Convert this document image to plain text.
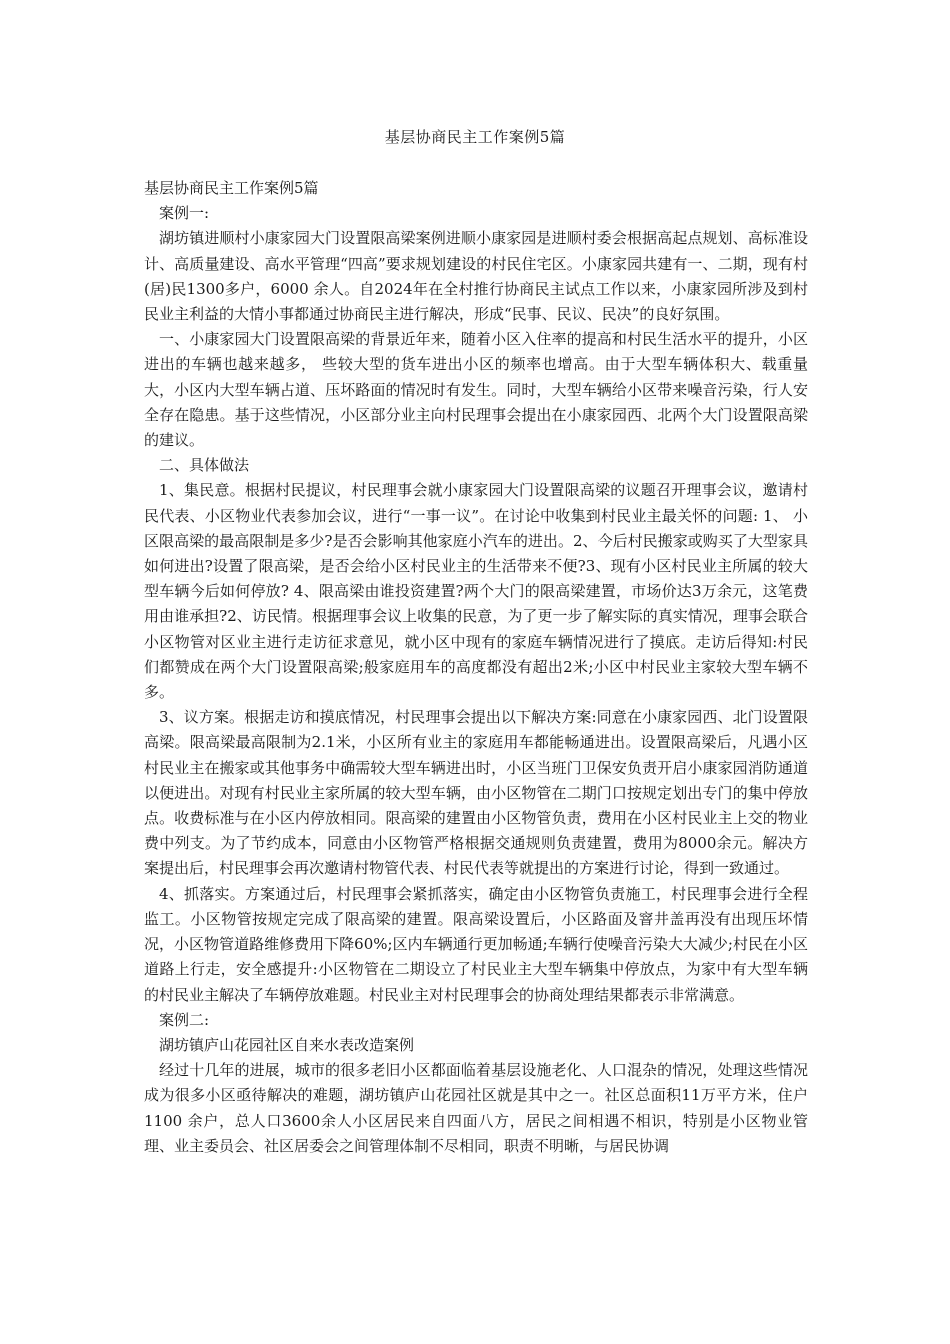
基层协商民主工作案例5篇

基层协商民主工作案例5篇

案例一:

湖坊镇进顺村小康家园大门设置限高梁案例进顺小康家园是进顺村委会根据高起点规划、高标准设计、高质量建设、高水平管理“四高”要求规划建设的村民住宅区。小康家园共建有一、二期，现有村(居)民1300多户，6000 余人。自2024年在全村推行协商民主试点工作以来，小康家园所涉及到村民业主利益的大情小事都通过协商民主进行解决，形成“民事、民议、民决”的良好氛围。

一、小康家园大门设置限高梁的背景近年来，随着小区入住率的提高和村民生活水平的提升，小区进出的车辆也越来越多， 些较大型的货车进出小区的频率也增高。由于大型车辆体积大、载重量大，小区内大型车辆占道、压坏路面的情况时有发生。同时，大型车辆给小区带来噪音污染，行人安全存在隐患。基于这些情况，小区部分业主向村民理事会提出在小康家园西、北两个大门设置限高梁的建议。

二、具体做法

1、集民意。根据村民提议，村民理事会就小康家园大门设置限高梁的议题召开理事会议，邀请村民代表、小区物业代表参加会议，进行“一事一议”。在讨论中收集到村民业主最关怀的问题: 1、 小区限高梁的最高限制是多少?是否会影响其他家庭小汽车的进出。2、今后村民搬家或购买了大型家具如何进出?设置了限高梁，是否会给小区村民业主的生活带来不便?3、现有小区村民业主所属的较大型车辆今后如何停放? 4、限高梁由谁投资建置?两个大门的限高梁建置，市场价达3万余元，这笔费用由谁承担?2、访民情。根据理事会议上收集的民意，为了更一步了解实际的真实情况，理事会联合小区物管对区业主进行走访征求意见，就小区中现有的家庭车辆情况进行了摸底。走访后得知:村民们都赞成在两个大门设置限高梁;般家庭用车的高度都没有超出2米;小区中村民业主家较大型车辆不多。

3、议方案。根据走访和摸底情况，村民理事会提出以下解决方案:同意在小康家园西、北门设置限高梁。限高梁最高限制为2.1米，小区所有业主的家庭用车都能畅通进出。设置限高梁后，凡遇小区村民业主在搬家或其他事务中确需较大型车辆进出时，小区当班门卫保安负责开启小康家园消防通道以便进出。对现有村民业主家所属的较大型车辆，由小区物管在二期门口按规定划出专门的集中停放点。收费标准与在小区内停放相同。限高梁的建置由小区物管负责，费用在小区村民业主上交的物业费中列支。为了节约成本，同意由小区物管严格根据交通规则负责建置，费用为8000余元。解决方案提出后，村民理事会再次邀请村物管代表、村民代表等就提出的方案进行讨论，得到一致通过。

4、抓落实。方案通过后，村民理事会紧抓落实，确定由小区物管负责施工，村民理事会进行全程监工。小区物管按规定完成了限高梁的建置。限高梁设置后，小区路面及窨井盖再没有出现压坏情况，小区物管道路维修费用下降60%;区内车辆通行更加畅通;车辆行使噪音污染大大减少;村民在小区道路上行走，安全感提升:小区物管在二期设立了村民业主大型车辆集中停放点，为家中有大型车辆的村民业主解决了车辆停放难题。村民业主对村民理事会的协商处理结果都表示非常满意。

案例二:

湖坊镇庐山花园社区自来水表改造案例

经过十几年的进展，城市的很多老旧小区都面临着基层设施老化、人口混杂的情况，处理这些情况成为很多小区亟待解决的难题，湖坊镇庐山花园社区就是其中之一。社区总面积11万平方米，住户1100 余户，总人口3600余人小区居民来自四面八方，居民之间相遇不相识，特别是小区物业管理、业主委员会、社区居委会之间管理体制不尽相同，职责不明晰，与居民协调
